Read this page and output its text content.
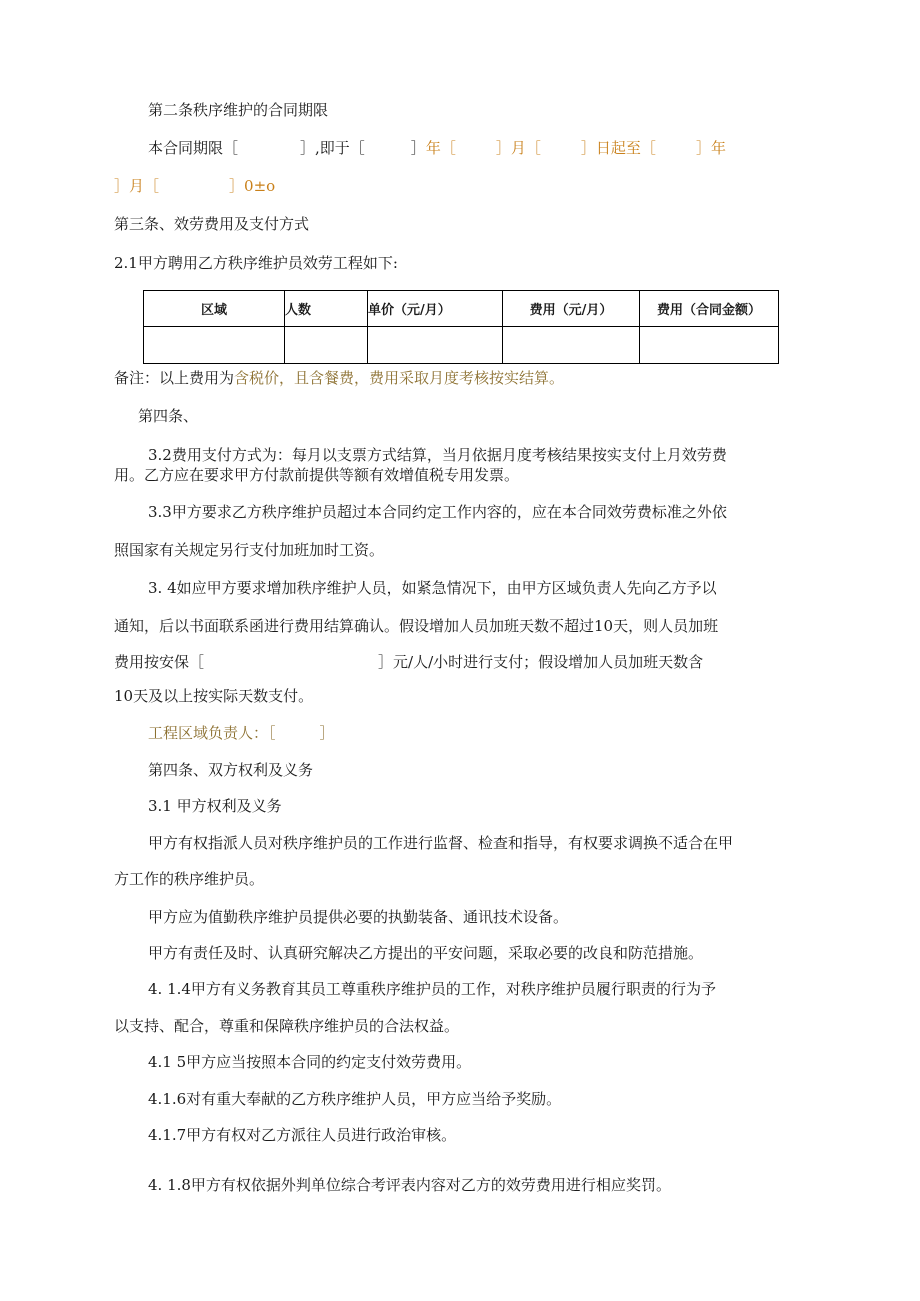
第二条秩序维护的合同期限
本合同期限［	］,即于［	］年［	］月［	］日起至［	］年
］月［	］0±o
第三条、效劳费用及支付方式
2.1甲方聘用乙方秩序维护员效劳工程如下:
区域	人数	单价（元/月）	费用（元/月）	费用（合同金额）

备注：以上费用为含税价，且含餐费，费用采取月度考核按实结算。
第四条、
3.2费用支付方式为：每月以支票方式结算，当月依据月度考核结果按实支付上月效劳费
用。乙方应在要求甲方付款前提供等额有效增值税专用发票。
3.3甲方要求乙方秩序维护员超过本合同约定工作内容的，应在本合同效劳费标准之外依
照国家有关规定另行支付加班加时工资。
3. 4如应甲方要求增加秩序维护人员，如紧急情况下，由甲方区域负责人先向乙方予以
通知，后以书面联系函进行费用结算确认。假设增加人员加班天数不超过10天，则人员加班
费用按安保［	］元/人/小时进行支付；假设增加人员加班天数含
10天及以上按实际天数支付。
工程区域负责人：［	］
第四条、双方权利及义务
3.1 甲方权利及义务
甲方有权指派人员对秩序维护员的工作进行监督、检查和指导，有权要求调换不适合在甲
方工作的秩序维护员。
甲方应为值勤秩序维护员提供必要的执勤装备、通讯技术设备。
甲方有责任及时、认真研究解决乙方提出的平安问题，采取必要的改良和防范措施。
4. 1.4甲方有义务教育其员工尊重秩序维护员的工作，对秩序维护员履行职责的行为予
以支持、配合，尊重和保障秩序维护员的合法权益。
4.1 5甲方应当按照本合同的约定支付效劳费用。
4.1.6对有重大奉献的乙方秩序维护人员，甲方应当给予奖励。
4.1.7甲方有权对乙方派往人员进行政治审核。
4. 1.8甲方有权依据外判单位综合考评表内容对乙方的效劳费用进行相应奖罚。
